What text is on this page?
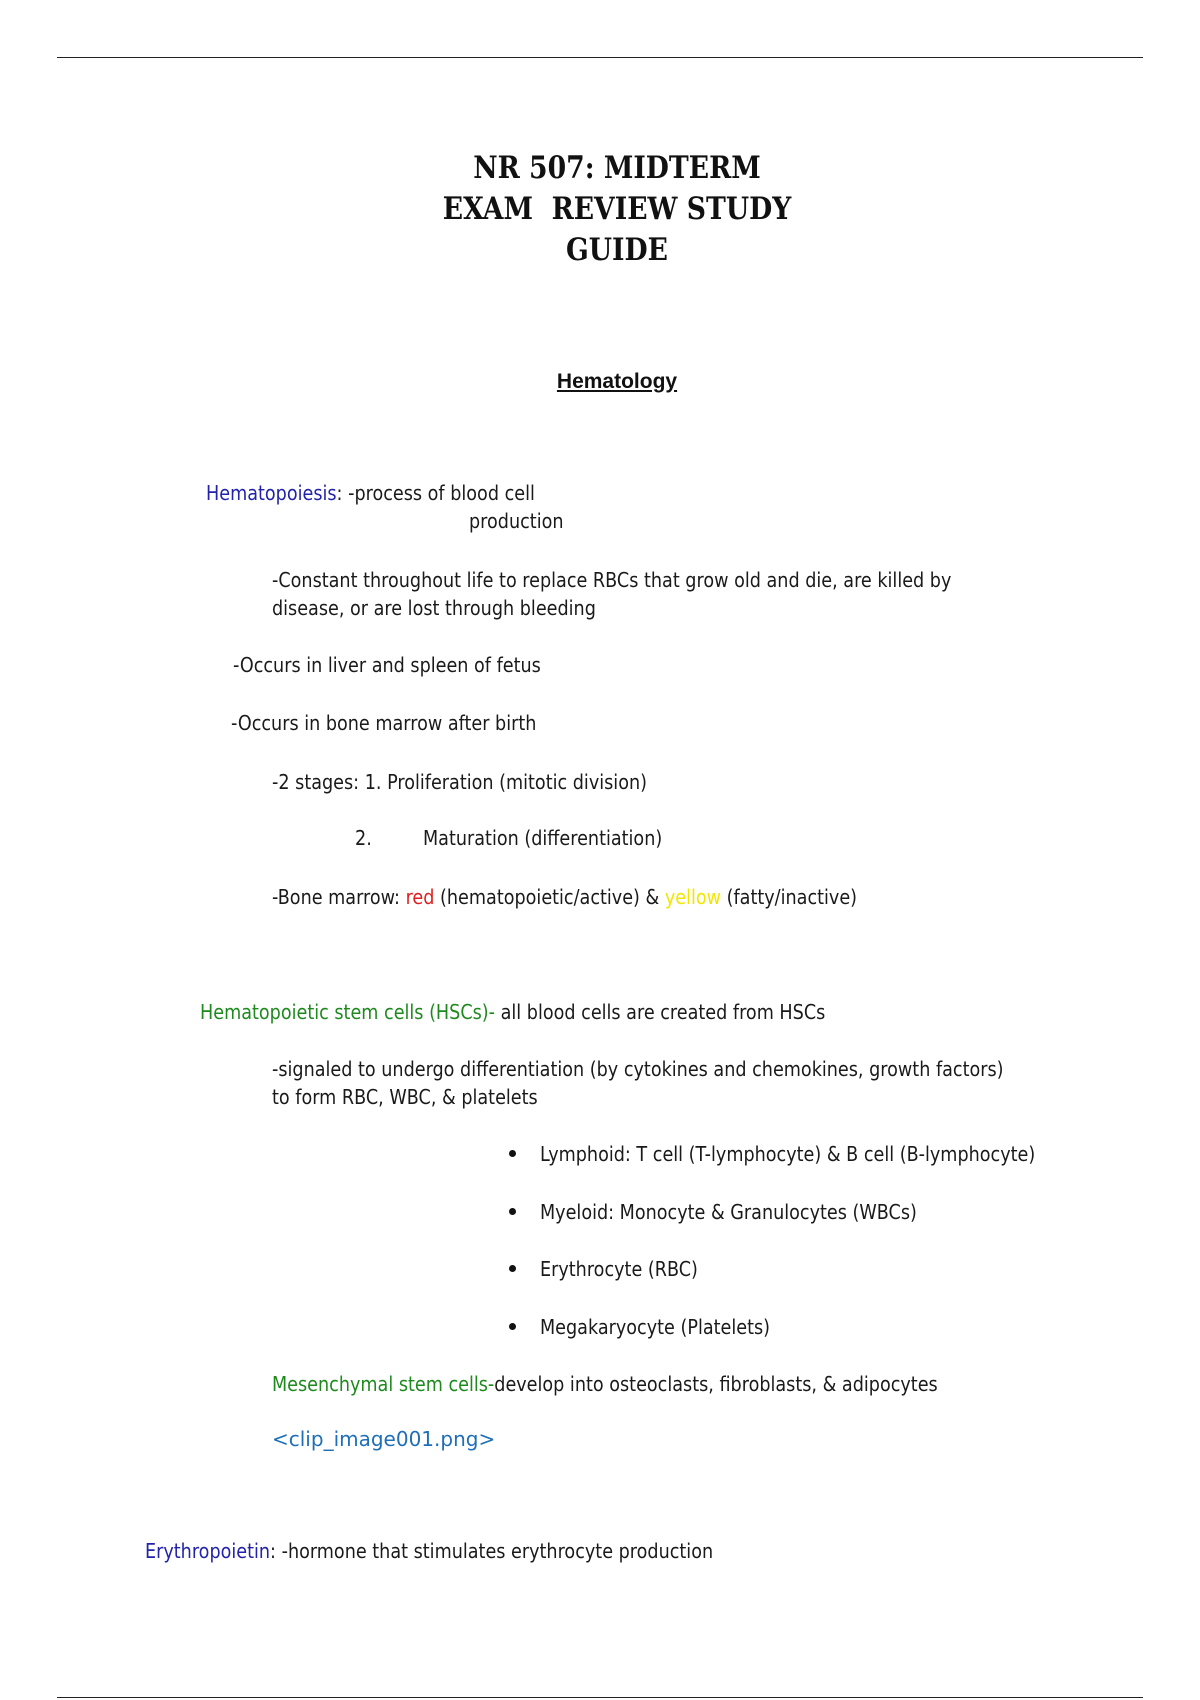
NR 507: MIDTERM
EXAM  REVIEW STUDY
GUIDE
Hematology
Hematopoiesis: -process of blood cell
production
-Constant throughout life to replace RBCs that grow old and die, are killed by
disease, or are lost through bleeding
-Occurs in liver and spleen of fetus
-Occurs in bone marrow after birth
-2 stages: 1. Proliferation (mitotic division)
2.	Maturation (differentiation)
-Bone marrow: red (hematopoietic/active) & yellow (fatty/inactive)
Hematopoietic stem cells (HSCs)- all blood cells are created from HSCs
-signaled to undergo differentiation (by cytokines and chemokines, growth factors)
to form RBC, WBC, & platelets
Lymphoid: T cell (T-lymphocyte) & B cell (B-lymphocyte)
Myeloid: Monocyte & Granulocytes (WBCs)
Erythrocyte (RBC)
Megakaryocyte (Platelets)
Mesenchymal stem cells-develop into osteoclasts, fibroblasts, & adipocytes
<clip_image001.png>
Erythropoietin: -hormone that stimulates erythrocyte production
